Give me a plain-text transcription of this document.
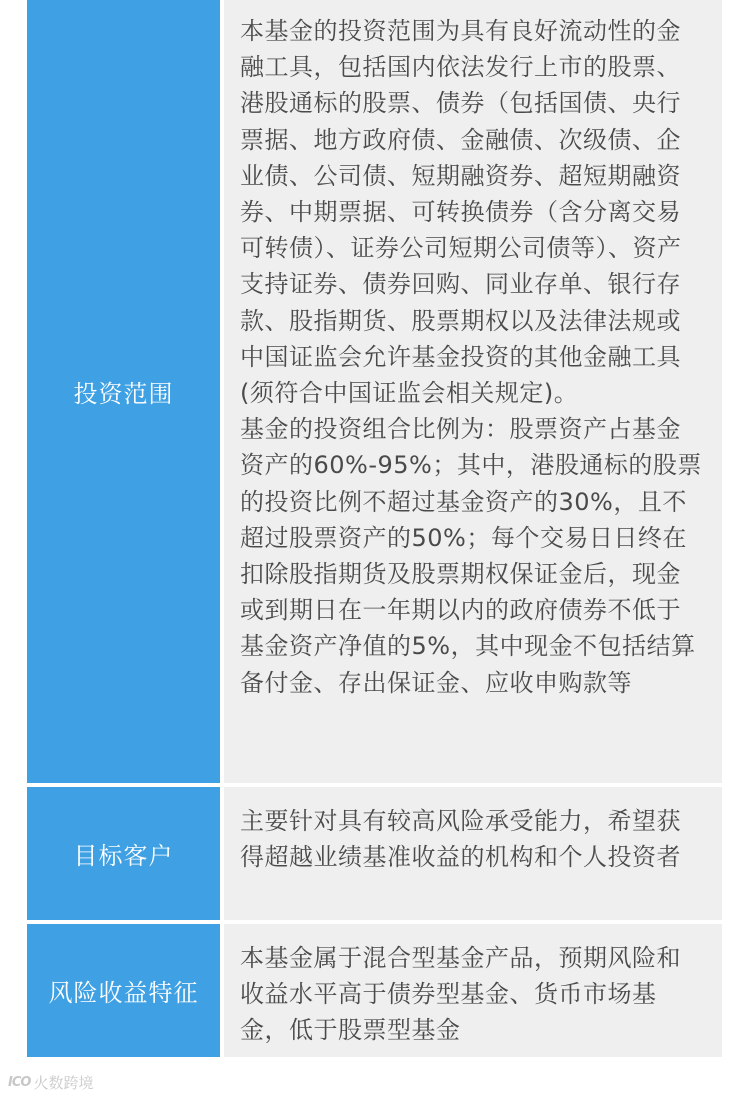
投资范围

本基金的投资范围为具有良好流动性的金融工具，包括国内依法发行上市的股票、港股通标的股票、债券（包括国债、央行票据、地方政府债、金融债、次级债、企业债、公司债、短期融资券、超短期融资券、中期票据、可转换债券（含分离交易可转债）、证券公司短期公司债等）、资产支持证券、债券回购、同业存单、银行存款、股指期货、股票期权以及法律法规或中国证监会允许基金投资的其他金融工具(须符合中国证监会相关规定)。

基金的投资组合比例为：股票资产占基金资产的60%-95%；其中，港股通标的股票的投资比例不超过基金资产的30%，且不超过股票资产的50%；每个交易日日终在扣除股指期货及股票期权保证金后，现金或到期日在一年期以内的政府债券不低于基金资产净值的5%，其中现金不包括结算备付金、存出保证金、应收申购款等

目标客户

主要针对具有较高风险承受能力，希望获得超越业绩基准收益的机构和个人投资者

风险收益特征

本基金属于混合型基金产品，预期风险和收益水平高于债券型基金、货币市场基金，低于股票型基金

ICO 火数跨境
